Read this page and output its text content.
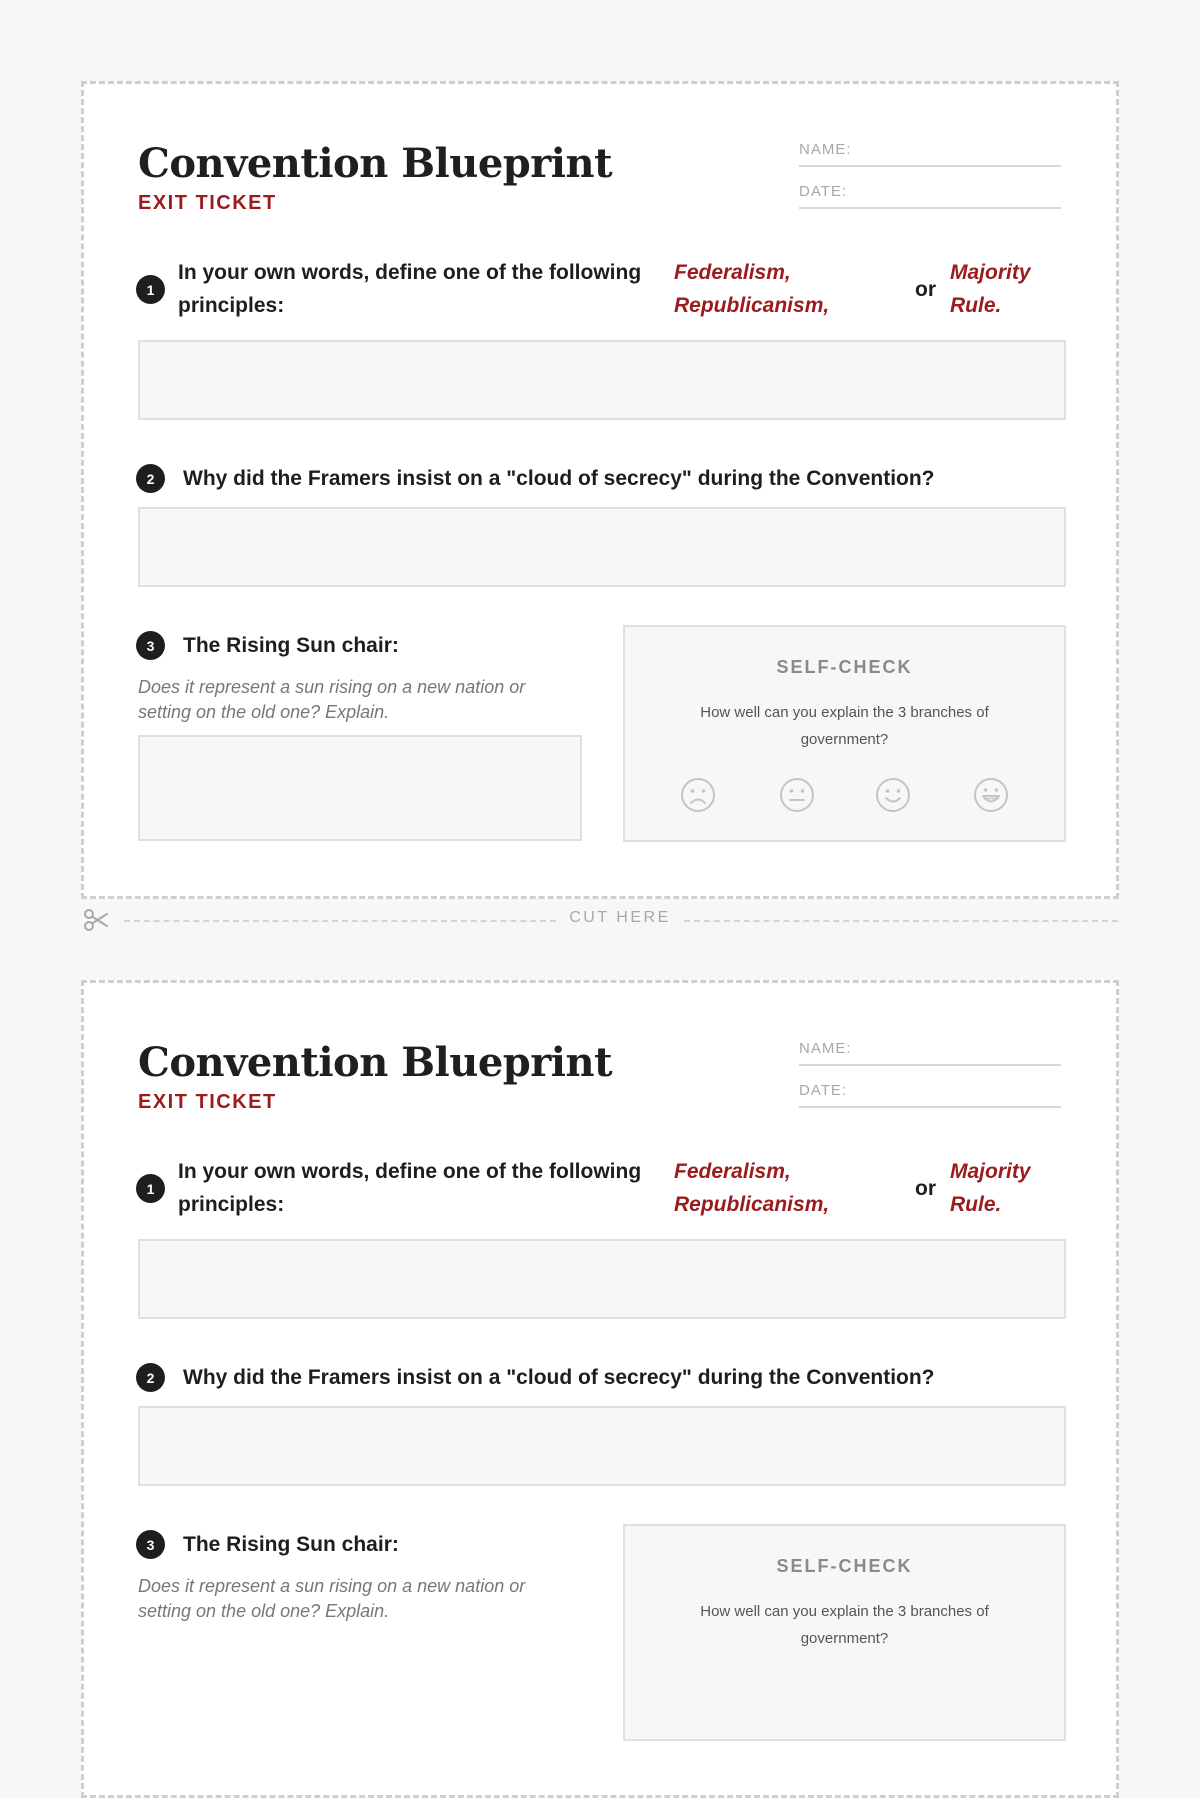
Convention Blueprint
EXIT TICKET
NAME:
DATE:
1
In your own words, define one of the following principles:
Federalism,
Republicanism,
or
Majority
Rule.
2	Why did the Framers insist on a "cloud of secrecy" during the Convention?
3	The Rising Sun chair:
Does it represent a sun rising on a new nation or setting on the old one? Explain.
SELF-CHECK
How well can you explain the 3 branches of government?
CUT HERE
Convention Blueprint
EXIT TICKET
NAME:
DATE:
1
In your own words, define one of the following principles:
Federalism,
Republicanism,
or
Majority
Rule.
2	Why did the Framers insist on a "cloud of secrecy" during the Convention?
3	The Rising Sun chair:
Does it represent a sun rising on a new nation or setting on the old one? Explain.
SELF-CHECK
How well can you explain the 3 branches of government?
